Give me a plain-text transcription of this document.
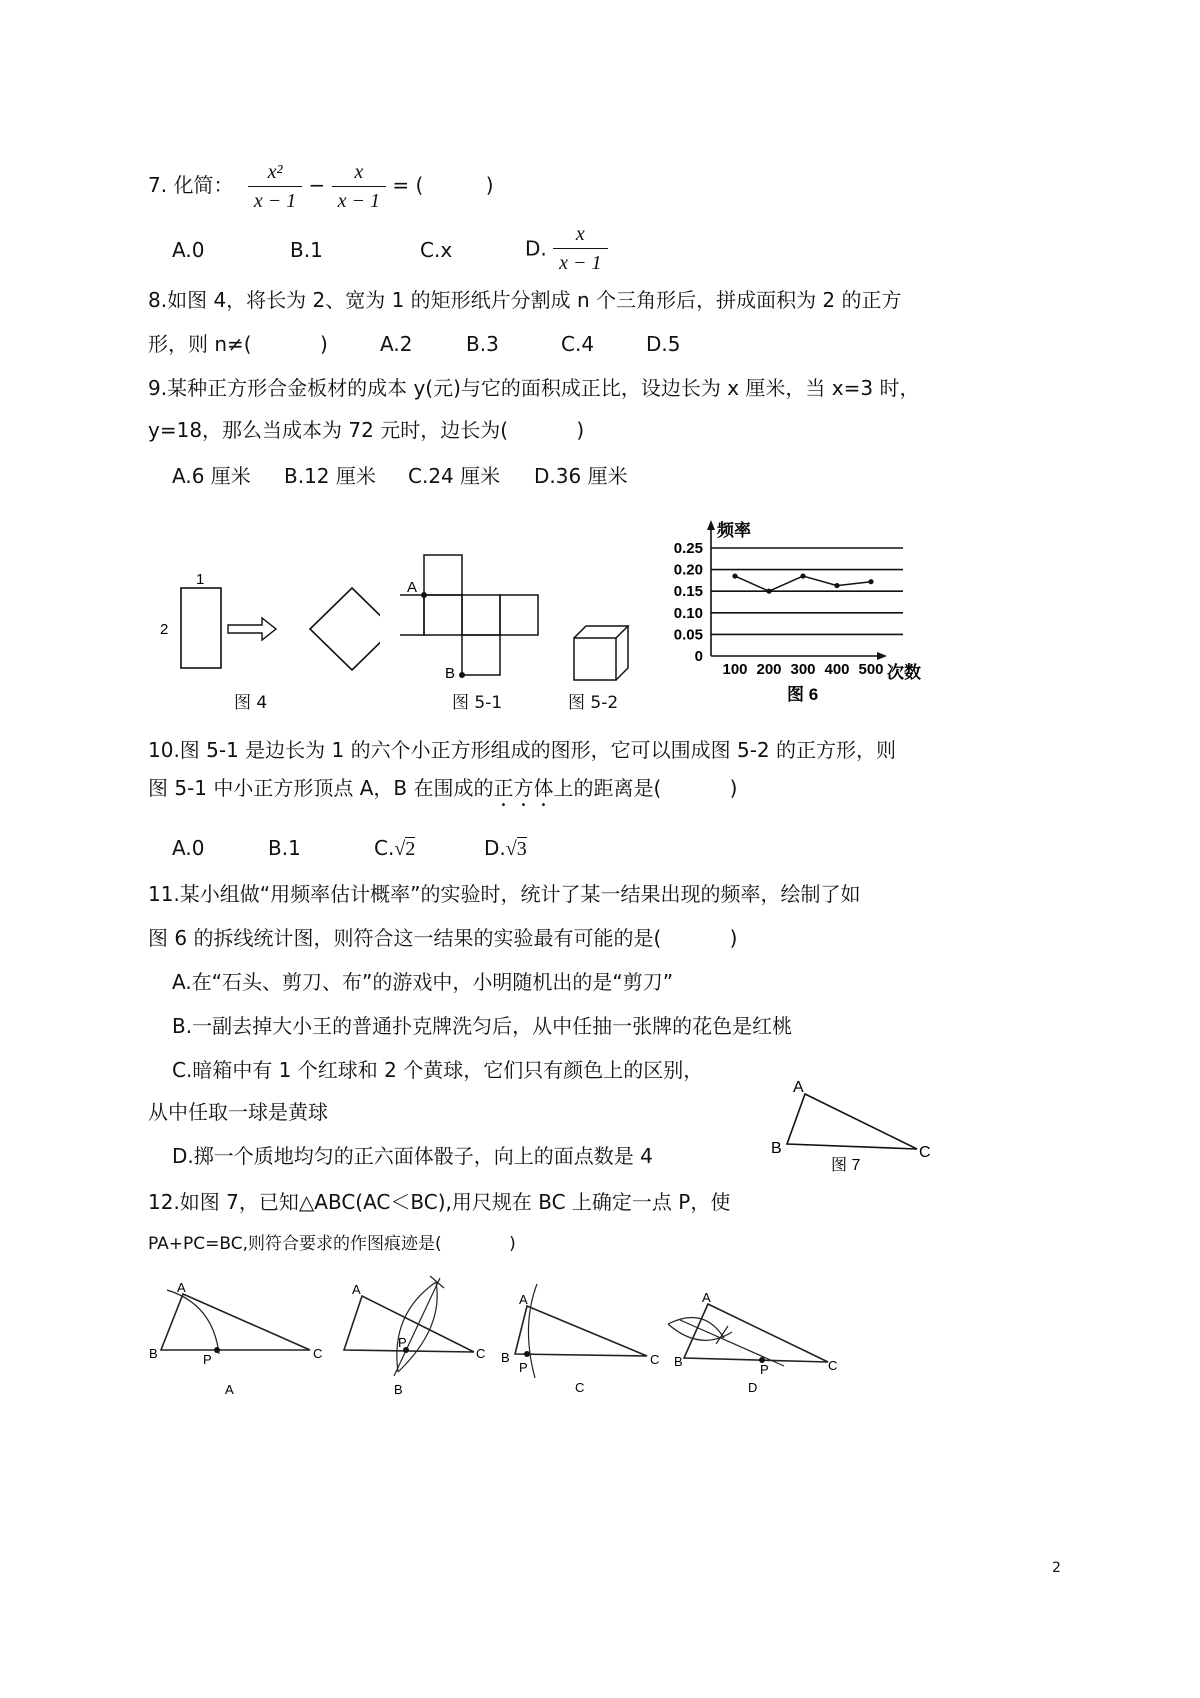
7. 化简： $\frac{\text{x²}}{x - 1} - \frac{x}{x - 1}$ = (	)
A.0	B.1	C.x	D. $\frac{x}{x - 1}$
8.如图 4，将长为 2、宽为 1 的矩形纸片分割成 n 个三角形后，拼成面积为 2 的正方
形，则 n≠(	)	A.2	B.3	C.4	D.5
9.某种正方形合金板材的成本 y(元)与它的面积成正比，设边长为 x 厘米，当 x=3 时，
y=18，那么当成本为 72 元时，边长为(	)
A.6 厘米 B.12 厘米 C.24 厘米 D.36 厘米
1
2
图 4
A
B
图 5-1	图 5-2
0.25
0.20
0.15
0.10
0.05
0
100 200 300 400 500
频率
次数
图 6
10.图 5-1 是边长为 1 的六个小正方形组成的图形，它可以围成图 5-2 的正方形，则
图 5-1 中小正方形顶点 A，B 在围成的正方体上的距离是(	)
A.0	B.1	C.√2	D.√3
11.某小组做“用频率估计概率”的实验时，统计了某一结果出现的频率，绘制了如
图 6 的拆线统计图，则符合这一结果的实验最有可能的是(	)
A.在“石头、剪刀、布”的游戏中，小明随机出的是“剪刀”
B.一副去掉大小王的普通扑克牌洗匀后，从中任抽一张牌的花色是红桃
C.暗箱中有 1 个红球和 2 个黄球，它们只有颜色上的区别，
从中任取一球是黄球
D.掷一个质地均匀的正六面体骰子，向上的面点数是 4
A
B	C
图 7
12.如图 7，已知△ABC(AC＜BC),用尺规在 BC 上确定一点 P，使
PA+PC=BC,则符合要求的作图痕迹是(	)
A
B	C
P
A
A
C
P
B
A
B	C
P
C
A
B	C
P
D
2
